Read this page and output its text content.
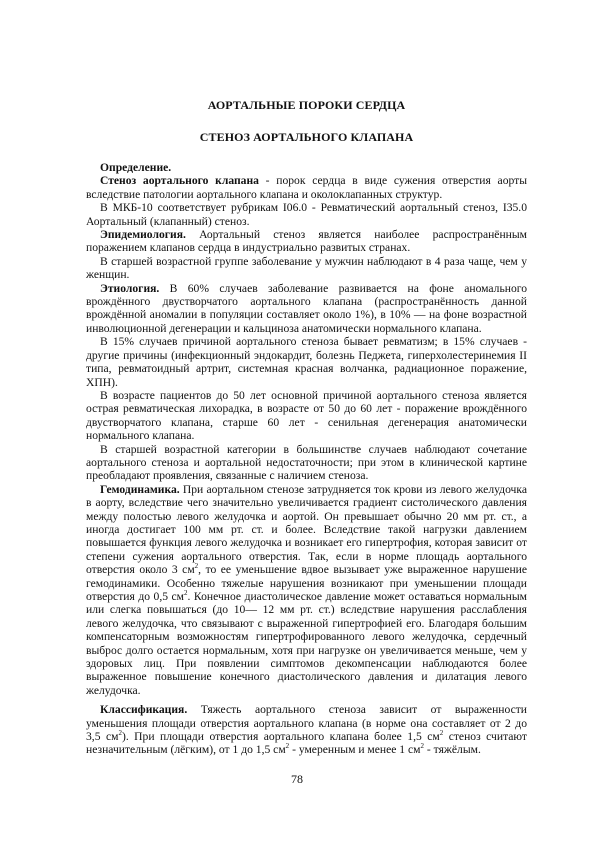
АОРТАЛЬНЫЕ ПОРОКИ СЕРДЦА
СТЕНОЗ АОРТАЛЬНОГО КЛАПАНА

Определение.

Стеноз аортального клапана - порок сердца в виде сужения отверстия аорты вследствие патологии аортального клапана и околоклапанных структур.

В МКБ-10 соответствует рубрикам I06.0 - Ревматический аортальный стеноз, I35.0 Аортальный (клапанный) стеноз.

Эпидемиология. Аортальный стеноз является наиболее распространённым поражением клапанов сердца в индустриально развитых странах.

В старшей возрастной группе заболевание у мужчин наблюдают в 4 раза чаще, чем у женщин.

Этиология. В 60% случаев заболевание развивается на фоне аномального врождённого двустворчатого аортального клапана (распространённость данной врождённой аномалии в популяции составляет около 1%), в 10% — на фоне возрастной инволюционной дегенерации и кальциноза анатомически нормального клапана.

В 15% случаев причиной аортального стеноза бывает ревматизм; в 15% случаев - другие причины (инфекционный эндокардит, болезнь Педжета, гиперхолестеринемия II типа, ревматоидный артрит, системная красная волчанка, радиационное поражение, ХПН).

В возрасте пациентов до 50 лет основной причиной аортального стеноза является острая ревматическая лихорадка, в возрасте от 50 до 60 лет - поражение врождённого двустворчатого клапана, старше 60 лет - сенильная дегенерация анатомически нормального клапана.

В старшей возрастной категории в большинстве случаев наблюдают сочетание аортального стеноза и аортальной недостаточности; при этом в клинической картине преобладают проявления, связанные с наличием стеноза.

Гемодинамика. При аортальном стенозе затрудняется ток крови из левого желудочка в аорту, вследствие чего значительно увеличивается градиент систолического давления между полостью левого желудочка и аортой. Он превышает обычно 20 мм рт. ст., а иногда достигает 100 мм рт. ст. и более. Вследствие такой нагрузки давлением повышается функция левого желудочка и возникает его гипертрофия, которая зависит от степени сужения аортального отверстия. Так, если в норме площадь аортального отверстия около 3 $см^2$, то ее уменьшение вдвое вызывает уже выраженное нарушение гемодинамики. Особенно тяжелые нарушения возникают при уменьшении площади отверстия до 0,5 $см^2$. Конечное диастолическое давление может оставаться нормальным или слегка повышаться (до 10— 12 мм рт. ст.) вследствие нарушения расслабления левого желудочка, что связывают с выраженной гипертрофией его. Благодаря большим компенсаторным возможностям гипертрофированного левого желудочка, сердечный выброс долго остается нормальным, хотя при нагрузке он увеличивается меньше, чем у здоровых лиц. При появлении симптомов декомпенсации наблюдаются более выраженное повышение конечного диастолического давления и дилатация левого желудочка.

Классификация. Тяжесть аортального стеноза зависит от выраженности уменьшения площади отверстия аортального клапана (в норме она составляет от 2 до 3,5 $см^2$). При площади отверстия аортального клапана более 1,5 $см^2$ стеноз считают незначительным (лёгким), от 1 до 1,5 $см^2$ - умеренным и менее 1 $см^2$ - тяжёлым.

78
